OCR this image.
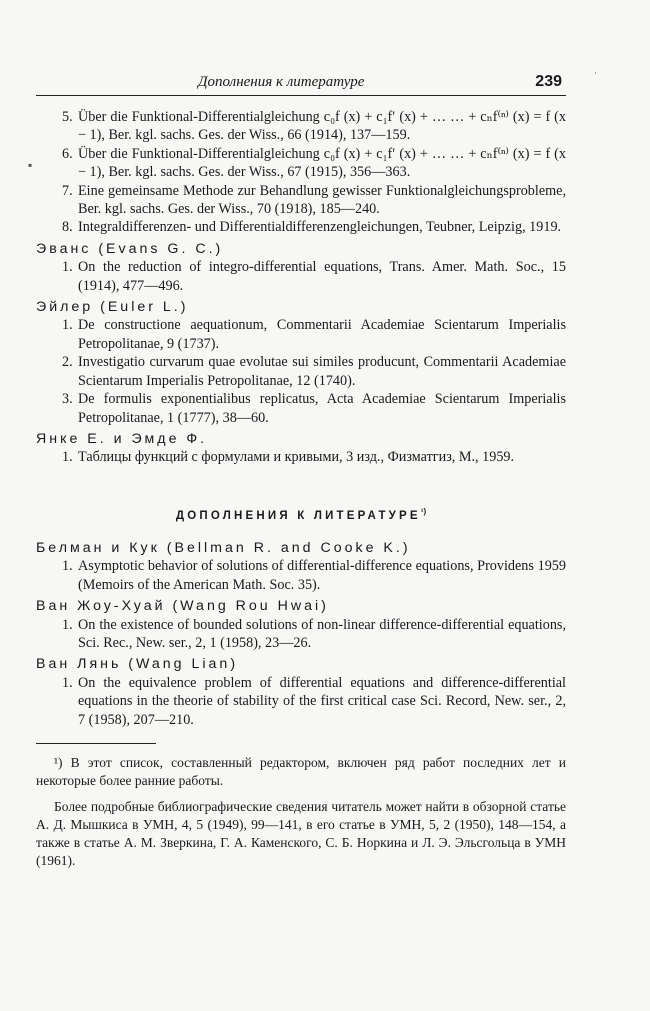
▪
·
Дополнения к литературе	239
5. Über die Funktional-Differentialgleichung c₀f (x) + c₁f′ (x) + … … + cₙf⁽ⁿ⁾ (x) = f (x − 1), Ber. kgl. sachs. Ges. der Wiss., 66 (1914), 137—159.
6. Über die Funktional-Differentialgleichung c₀f (x) + c₁f′ (x) + … … + cₙf⁽ⁿ⁾ (x) = f (x − 1), Ber. kgl. sachs. Ges. der Wiss., 67 (1915), 356—363.
7. Eine gemeinsame Methode zur Behandlung gewisser Funktionalgleichungsprobleme, Ber. kgl. sachs. Ges. der Wiss., 70 (1918), 185—240.
8. Integraldifferenzen- und Differentialdifferenzengleichungen, Teubner, Leipzig, 1919.
Эванс (Evans G. C.)
1. On the reduction of integro-differential equations, Trans. Amer. Math. Soc., 15 (1914), 477—496.
Эйлер (Euler L.)
1. De constructione aequationum, Commentarii Academiae Scientarum Imperialis Petropolitanae, 9 (1737).
2. Investigatio curvarum quae evolutae sui similes producunt, Commentarii Academiae Scientarum Imperialis Petropolitanae, 12 (1740).
3. De formulis exponentialibus replicatus, Acta Academiae Scientarum Imperialis Petropolitanae, 1 (1777), 38—60.
Янке Е. и Эмде Ф.
1. Таблицы функций с формулами и кривыми, 3 изд., Физматгиз, М., 1959.
ДОПОЛНЕНИЯ К $ЛИТЕРАТУРЕ^{^1)}$
Белман и Кук (Bellman R. and Cooke K.)
1. Asymptotic behavior of solutions of differential-difference equations, Providens 1959 (Memoirs of the American Math. Soc. 35).
Ван Жоу-Хуай (Wang Rou Hwai)
1. On the existence of bounded solutions of non-linear difference-differential equations, Sci. Rec., New. ser., 2, 1 (1958), 23—26.
Ван Лянь (Wang Lian)
1. On the equivalence problem of differential equations and difference-differential equations in the theorie of stability of the first critical case Sci. Record, New. ser., 2, 7 (1958), 207—210.
¹) В этот список, составленный редактором, включен ряд работ последних лет и некоторые более ранние работы.
Более подробные библиографические сведения читатель может найти в обзорной статье А. Д. Мышкиса в УМН, 4, 5 (1949), 99—141, в его статье в УМН, 5, 2 (1950), 148—154, а также в статье А. М. Зверкина, Г. А. Каменского, С. Б. Норкина и Л. Э. Эльсгольца в УМН (1961).
